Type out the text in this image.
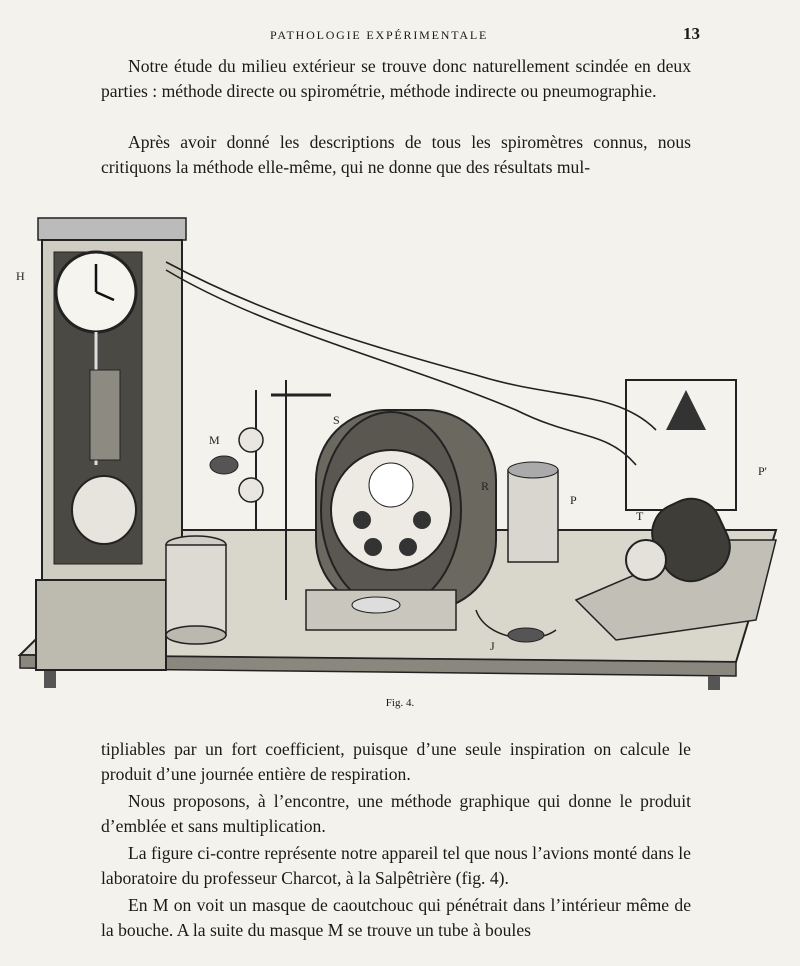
PATHOLOGIE EXPÉRIMENTALE	13

Notre étude du milieu extérieur se trouve donc naturellement scindée en deux parties : méthode directe ou spirométrie, méthode indirecte ou pneumographie.

Après avoir donné les descriptions de tous les spiromètres connus, nous critiquons la méthode elle-même, qui ne donne que des résultats mul-

H
M
S
R
P
T
J
P'
Fig. 4.

tipliables par un fort coefficient, puisque d’une seule inspiration on calcule le produit d’une journée entière de respiration.

Nous proposons, à l’encontre, une méthode graphique qui donne le produit d’emblée et sans multiplication.

La figure ci-contre représente notre appareil tel que nous l’avions monté dans le laboratoire du professeur Charcot, à la Salpêtrière (fig. 4).

En M on voit un masque de caoutchouc qui pénétrait dans l’intérieur même de la bouche. A la suite du masque M se trouve un tube à boules
